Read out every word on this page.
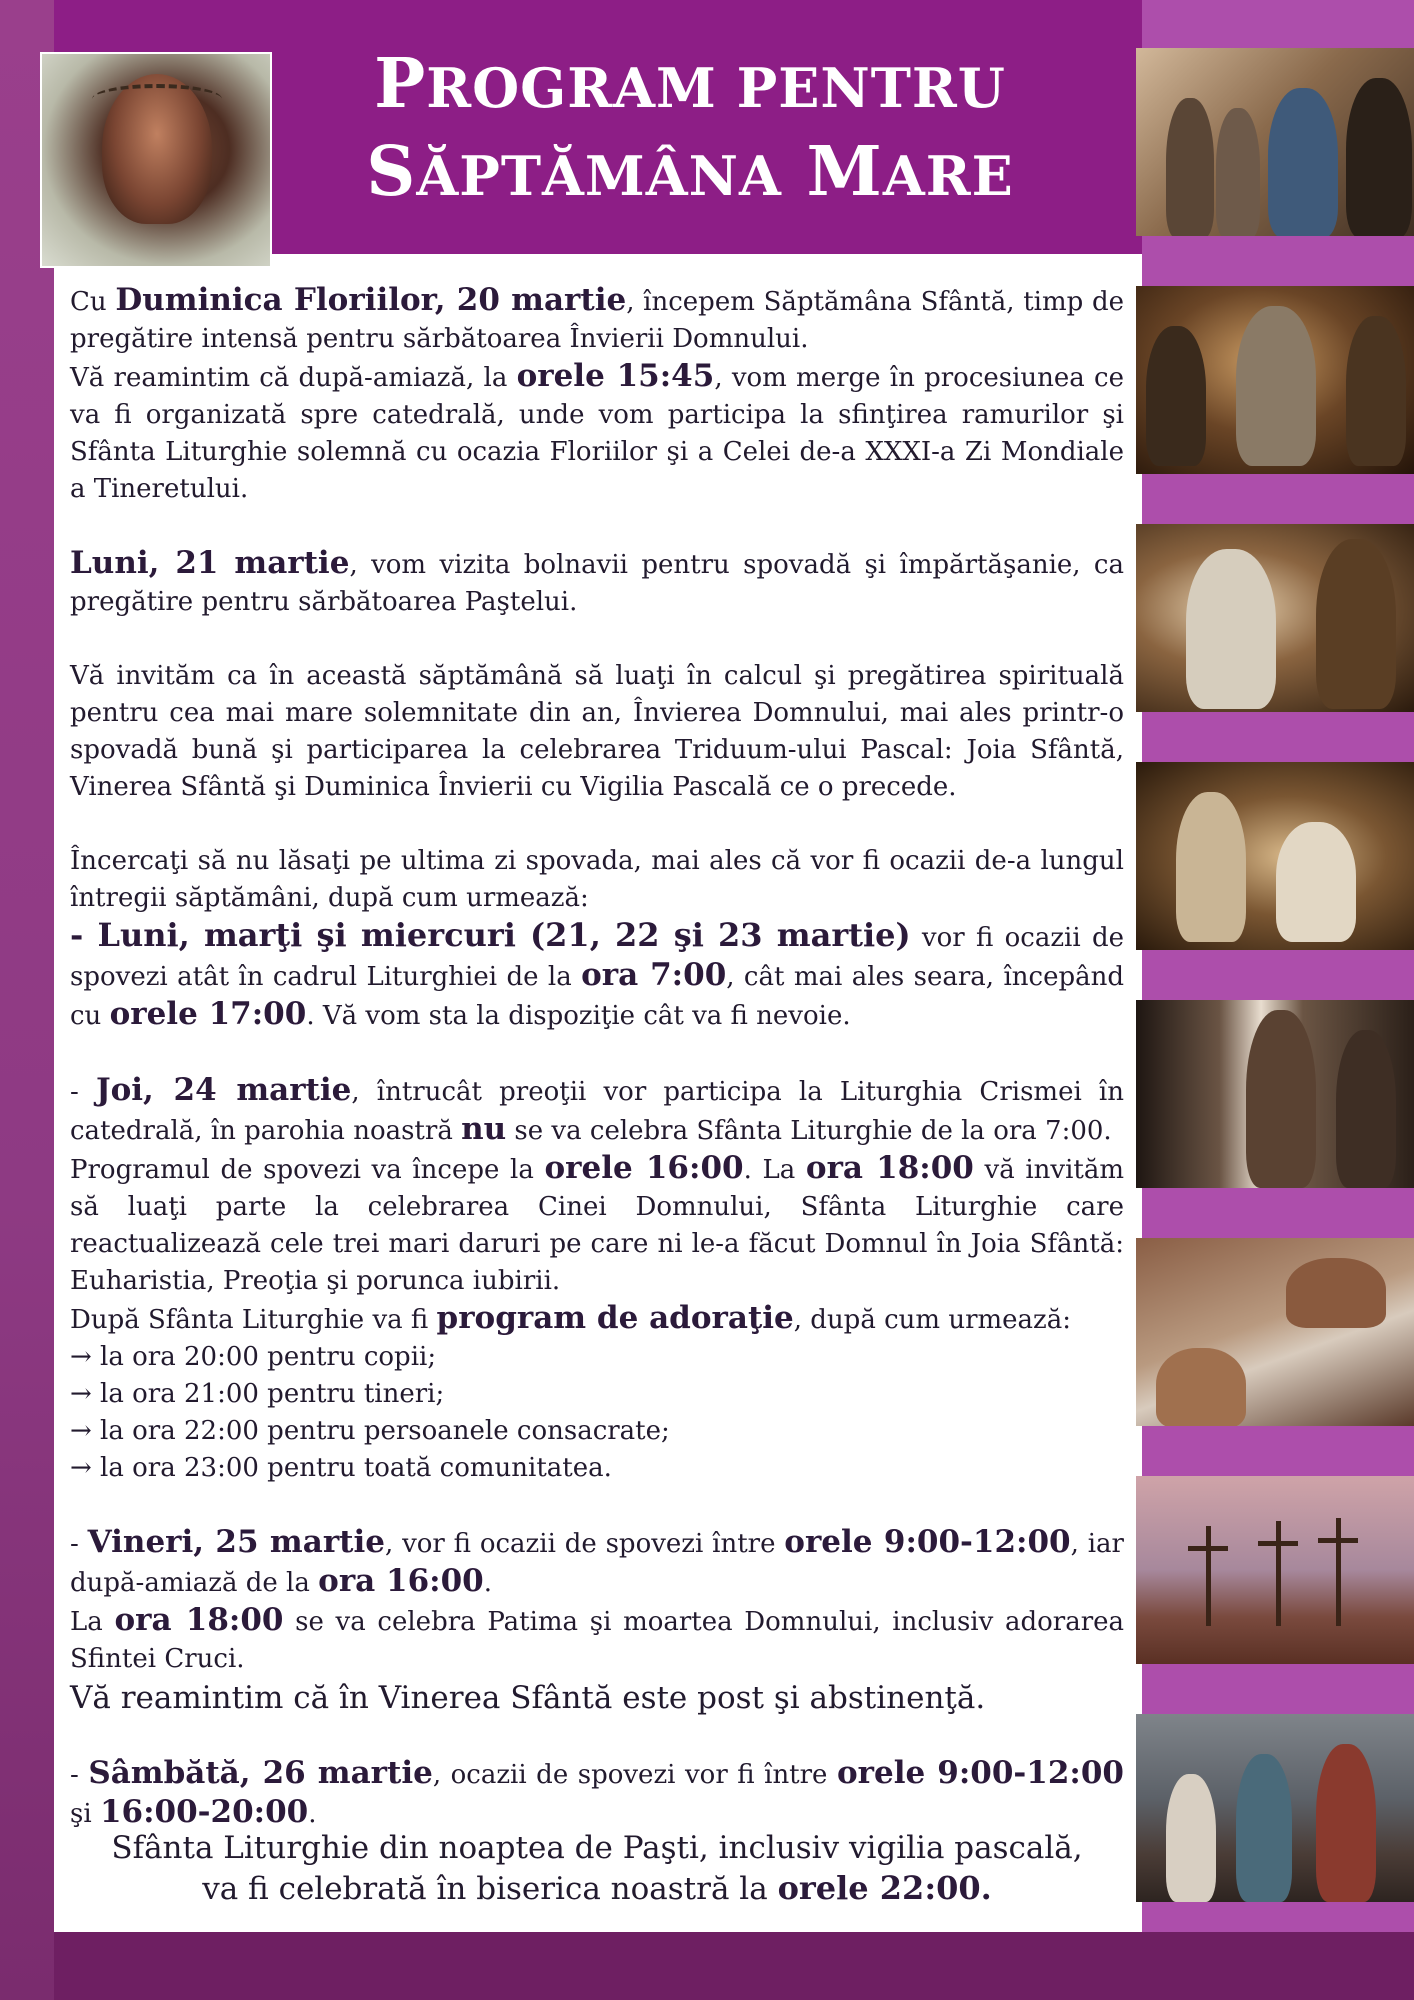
PROGRAM PENTRU
SĂPTĂMÂNA MARE

Cu Duminica Floriilor, 20 martie, începem Săptămâna Sfântă, timp de pregătire intensă pentru sărbătoarea Învierii Domnului.

Vă reamintim că după-amiază, la orele 15:45, vom merge în procesiunea ce va fi organizată spre catedrală, unde vom participa la sfinţirea ramurilor şi Sfânta Liturghie solemnă cu ocazia Floriilor şi a Celei de-a XXXI-a Zi Mondiale a Tineretului.

Luni, 21 martie, vom vizita bolnavii pentru spovadă şi împărtăşanie, ca pregătire pentru sărbătoarea Paştelui.

Vă invităm ca în această săptămână să luaţi în calcul şi pregătirea spirituală pentru cea mai mare solemnitate din an, Învierea Domnului, mai ales printr-o spovadă bună şi participarea la celebrarea Triduum-ului Pascal: Joia Sfântă, Vinerea Sfântă şi Duminica Învierii cu Vigilia Pascală ce o precede.

Încercaţi să nu lăsaţi pe ultima zi spovada, mai ales că vor fi ocazii de-a lungul întregii săptămâni, după cum urmează:
- Luni, marţi şi miercuri (21, 22 şi 23 martie) vor fi ocazii de spovezi atât în cadrul Liturghiei de la ora 7:00, cât mai ales seara, începând cu orele 17:00. Vă vom sta la dispoziţie cât va fi nevoie.

- Joi, 24 martie, întrucât preoţii vor participa la Liturghia Crismei în catedrală, în parohia noastră nu se va celebra Sfânta Liturghie de la ora 7:00.

Programul de spovezi va începe la orele 16:00. La ora 18:00 vă invităm să luaţi parte la celebrarea Cinei Domnului, Sfânta Liturghie care reactualizează cele trei mari daruri pe care ni le-a făcut Domnul în Joia Sfântă: Euharistia, Preoţia şi porunca iubirii.

După Sfânta Liturghie va fi program de adoraţie, după cum urmează:

→ la ora 20:00 pentru copii;
→ la ora 21:00 pentru tineri;
→ la ora 22:00 pentru persoanele consacrate;
→ la ora 23:00 pentru toată comunitatea.

- Vineri, 25 martie, vor fi ocazii de spovezi între orele 9:00-12:00, iar după-amiază de la ora 16:00.

La ora 18:00 se va celebra Patima şi moartea Domnului, inclusiv adorarea Sfintei Cruci.

Vă reamintim că în Vinerea Sfântă este post şi abstinenţă.

- Sâmbătă, 26 martie, ocazii de spovezi vor fi între orele 9:00-12:00 şi 16:00-20:00.

Sfânta Liturghie din noaptea de Paşti, inclusiv vigilia pascală,
va fi celebrată în biserica noastră la orele 22:00.
